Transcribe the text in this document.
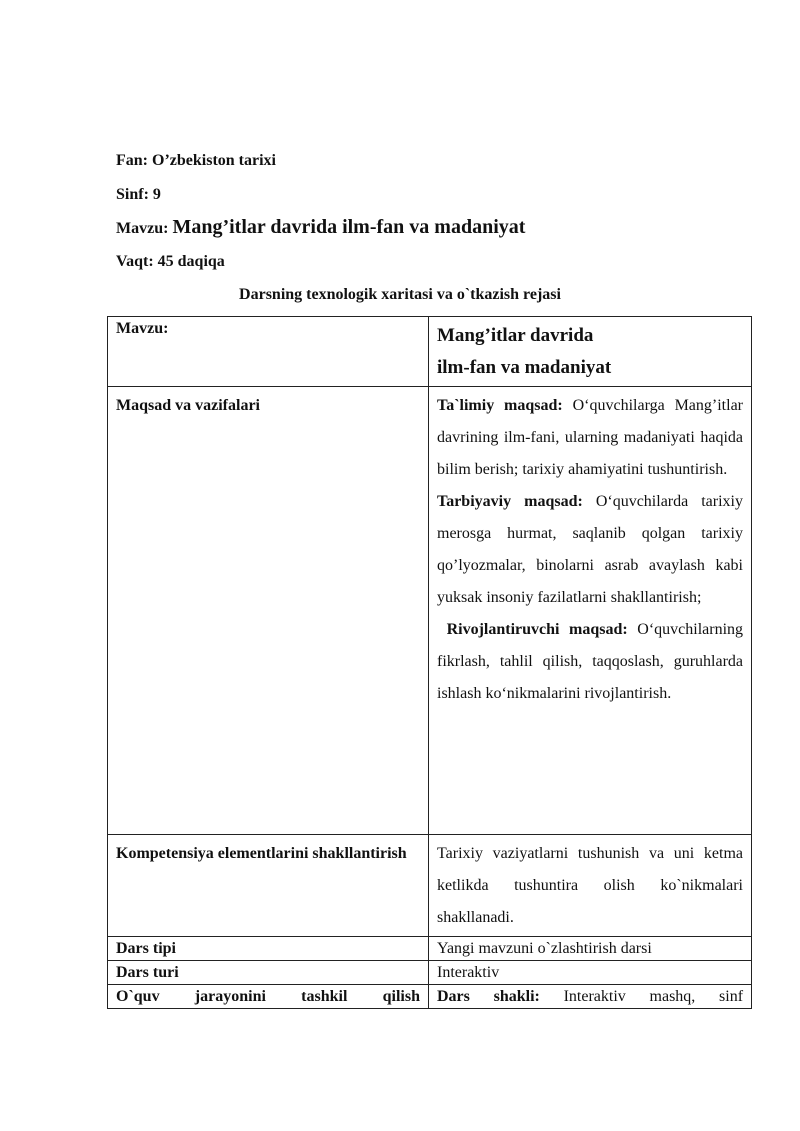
Fan: O’zbekiston tarixi
Sinf: 9
Mavzu: Mang’itlar davrida ilm-fan va madaniyat
Vaqt: 45 daqiqa
Darsning texnologik xaritasi va o`tkazish rejasi
Mavzu:	Mang’itlar davrida
ilm-fan va madaniyat

Maqsad va vazifalari	Ta`limiy maqsad: O‘quvchilarga Mang’itlar davrining ilm-fani, ularning madaniyati haqida bilim berish; tarixiy ahamiyatini tushuntirish.
Tarbiyaviy maqsad: O‘quvchilarda tarixiy merosga hurmat, saqlanib qolgan tarixiy qo’lyozmalar, binolarni asrab avaylash kabi yuksak insoniy fazilatlarni shakllantirish;
Rivojlantiruvchi maqsad: O‘quvchilarning fikrlash, tahlil qilish, taqqoslash, guruhlarda ishlash ko‘nikmalarini rivojlantirish.

Kompetensiya elementlarini shakllantirish	Tarixiy vaziyatlarni tushunish va uni ketma ketlikda tushuntira olish ko`nikmalari shakllanadi.
Dars tipi	Yangi mavzuni o`zlashtirish darsi
Dars turi	Interaktiv
O`quv jarayonini tashkil qilish	Dars shakli: Interaktiv mashq, sinf
